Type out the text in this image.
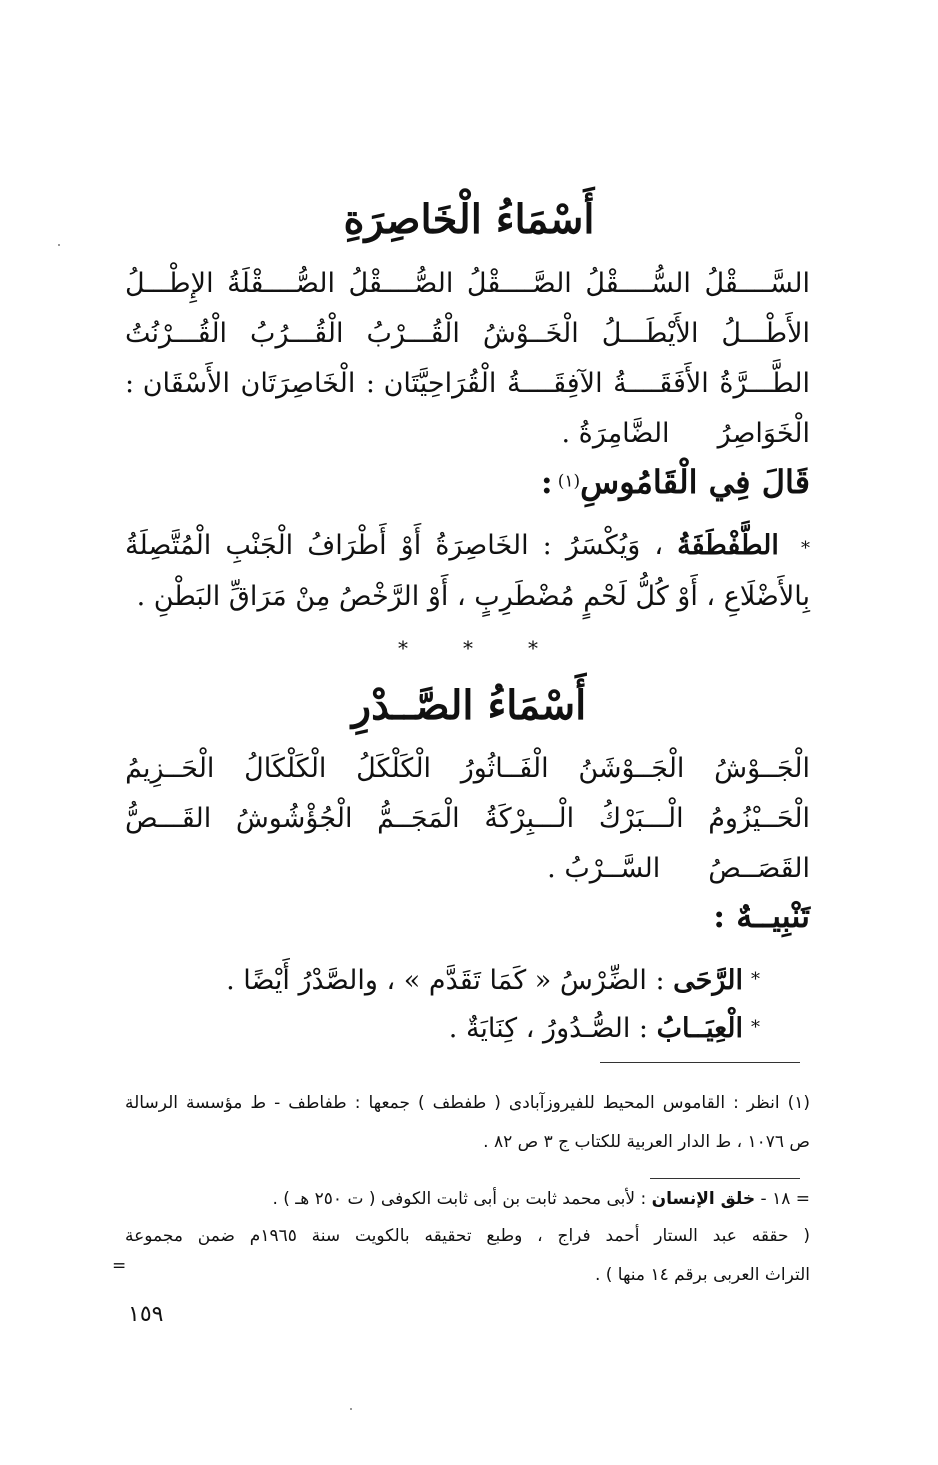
أَسْمَاءُ الْخَاصِرَةِ
السَّــــقْلُ
السُّــــقْلُ
الصَّــــقْلُ
الصُّــــقْلُ
الصُّــــقْلَةُ
الإِطْـــلُ
الأَطْـــلُ
الأَيْطَـــلُ
الْخَــوْشُ
الْقُـــرْبُ
الْقُـــرُبُ
الْقُـــرْنُتُ
الطَّـــرَّةُ
الأَفَقَــــةُ
الآفِقَــــةُ
الْقُرَاحِيَّتَان :
الْخَاصِرَتَان
الأَسْقَان :
الْخَوَاصِرُ
الضَّامِرَةُ .
قَالَ فِي الْقَامُوسِ(١) :
* الطَّفْطَفَةُ ، وَيُكْسَرُ : الخَاصِرَةُ أَوْ أَطْرَافُ الْجَنْبِ الْمُتَّصِلَةُ
بِالأَضْلَاعِ ، أَوْ كُلُّ لَحْمٍ مُضْطَرِبٍ ، أَوْ الرَّخْصُ مِنْ مَرَاقِّ البَطْنِ .
*	*	*
أَسْمَاءُ الصَّــدْرِ
الْجَــوْشُ
الْجَــوْشَنُ
الْفَــاثُورُ
الْكَلْكَلُ
الْكَلْكَالُ
الْحَــزِيمُ
الْحَــيْزُومُ
الْـــبَرْكُ
الْـــبِرْكَةُ
الْمَجَــمُّ
الْجُؤْشُوشُ
القَـــصُّ
القَصَــصُ
السَّــرْبُ .
تَنْبِيــهٌ :
*
الرَّحَى

: الضِّرْسُ « كَمَا تَقَدَّم » ، والصَّدْرُ أَيْضًا .
*
الْعِيَــابُ

: الصُّـدُورُ ، كِنَايَةٌ .
(١) انظر : القاموس المحيط للفيروزآبادى ( طفطف ) جمعها : طفاطف - ط مؤسسة الرسالة
ص ١٠٧٦ ، ط الدار العربية للكتاب ج ٣ ص ٨٢ .
= ١٨ -

خلق الإنسان

: لأبى محمد ثابت بن أبى ثابت الكوفى ( ت ٢٥٠ هـ ) .
( حققه عبد الستار أحمد فراج ، وطبع تحقيقه بالكويت سنة ١٩٦٥م ضمن مجموعة
التراث العربى برقم ١٤ منها ) .
=
١٥٩
